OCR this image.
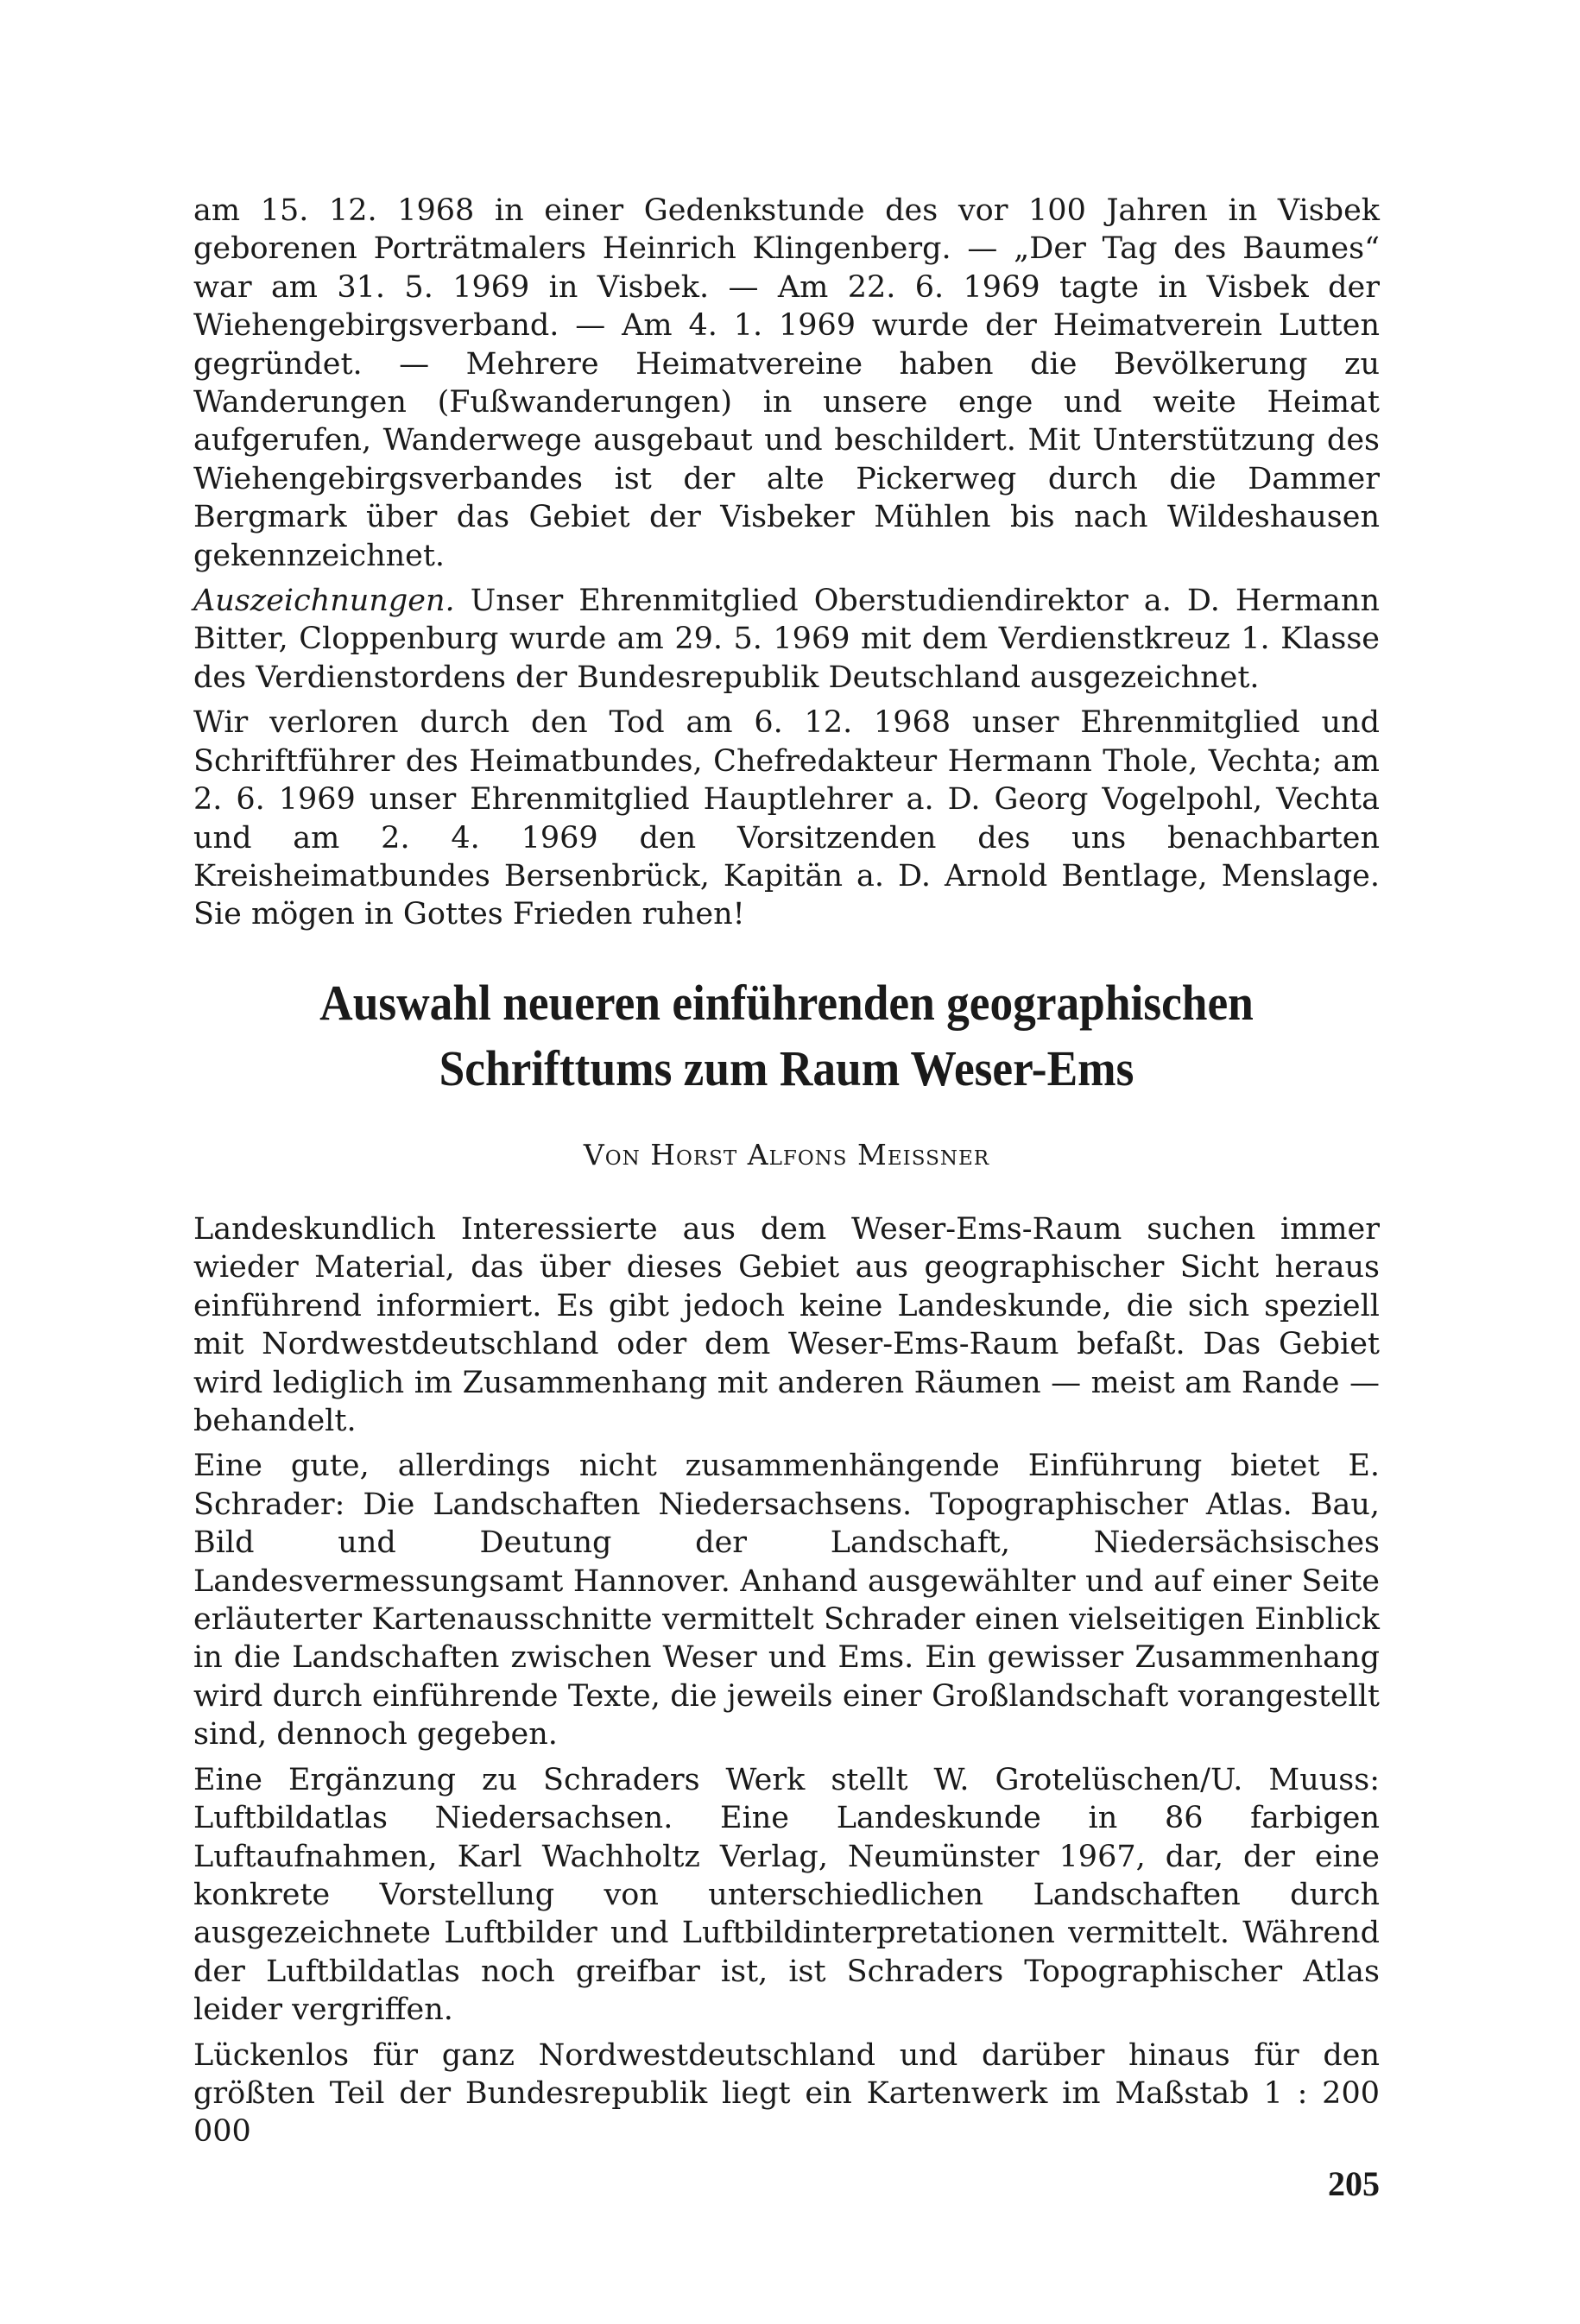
am 15. 12. 1968 in einer Gedenkstunde des vor 100 Jahren in Visbek geborenen Porträtmalers Heinrich Klingenberg. — „Der Tag des Baumes“ war am 31. 5. 1969 in Visbek. — Am 22. 6. 1969 tagte in Visbek der Wiehengebirgsverband. — Am 4. 1. 1969 wurde der Heimatverein Lutten gegründet. — Mehrere Heimatvereine haben die Bevölkerung zu Wanderungen (Fußwanderungen) in unsere enge und weite Heimat aufgerufen, Wanderwege ausgebaut und beschildert. Mit Unterstützung des Wiehengebirgsverbandes ist der alte Pickerweg durch die Dammer Bergmark über das Gebiet der Visbeker Mühlen bis nach Wildeshausen gekennzeichnet.

Auszeichnungen. Unser Ehrenmitglied Oberstudiendirektor a. D. Hermann Bitter, Cloppenburg wurde am 29. 5. 1969 mit dem Verdienstkreuz 1. Klasse des Verdienstordens der Bundesrepublik Deutschland ausgezeichnet.

Wir verloren durch den Tod am 6. 12. 1968 unser Ehrenmitglied und Schriftführer des Heimatbundes, Chefredakteur Hermann Thole, Vechta; am 2. 6. 1969 unser Ehrenmitglied Hauptlehrer a. D. Georg Vogelpohl, Vechta und am 2. 4. 1969 den Vorsitzenden des uns benachbarten Kreisheimatbundes Bersenbrück, Kapitän a. D. Arnold Bentlage, Menslage. Sie mögen in Gottes Frieden ruhen!

Auswahl neueren einführenden geographischen
Schrifttums zum Raum Weser-Ems

Von Horst Alfons Meissner

Landeskundlich Interessierte aus dem Weser-Ems-Raum suchen immer wieder Material, das über dieses Gebiet aus geographischer Sicht heraus einführend informiert. Es gibt jedoch keine Landeskunde, die sich speziell mit Nordwestdeutschland oder dem Weser-Ems-Raum befaßt. Das Gebiet wird lediglich im Zusammenhang mit anderen Räumen — meist am Rande — behandelt.

Eine gute, allerdings nicht zusammenhängende Einführung bietet E. Schrader: Die Landschaften Niedersachsens. Topographischer Atlas. Bau, Bild und Deutung der Landschaft, Niedersächsisches Landesvermessungsamt Hannover. Anhand ausgewählter und auf einer Seite erläuterter Kartenausschnitte vermittelt Schrader einen vielseitigen Einblick in die Landschaften zwischen Weser und Ems. Ein gewisser Zusammenhang wird durch einführende Texte, die jeweils einer Großlandschaft vorangestellt sind, dennoch gegeben.

Eine Ergänzung zu Schraders Werk stellt W. Grotelüschen/U. Muuss: Luftbildatlas Niedersachsen. Eine Landeskunde in 86 farbigen Luftaufnahmen, Karl Wachholtz Verlag, Neumünster 1967, dar, der eine konkrete Vorstellung von unterschiedlichen Landschaften durch ausgezeichnete Luftbilder und Luftbildinterpretationen vermittelt. Während der Luftbildatlas noch greifbar ist, ist Schraders Topographischer Atlas leider vergriffen.

Lückenlos für ganz Nordwestdeutschland und darüber hinaus für den größten Teil der Bundesrepublik liegt ein Kartenwerk im Maßstab 1 : 200 000

205
